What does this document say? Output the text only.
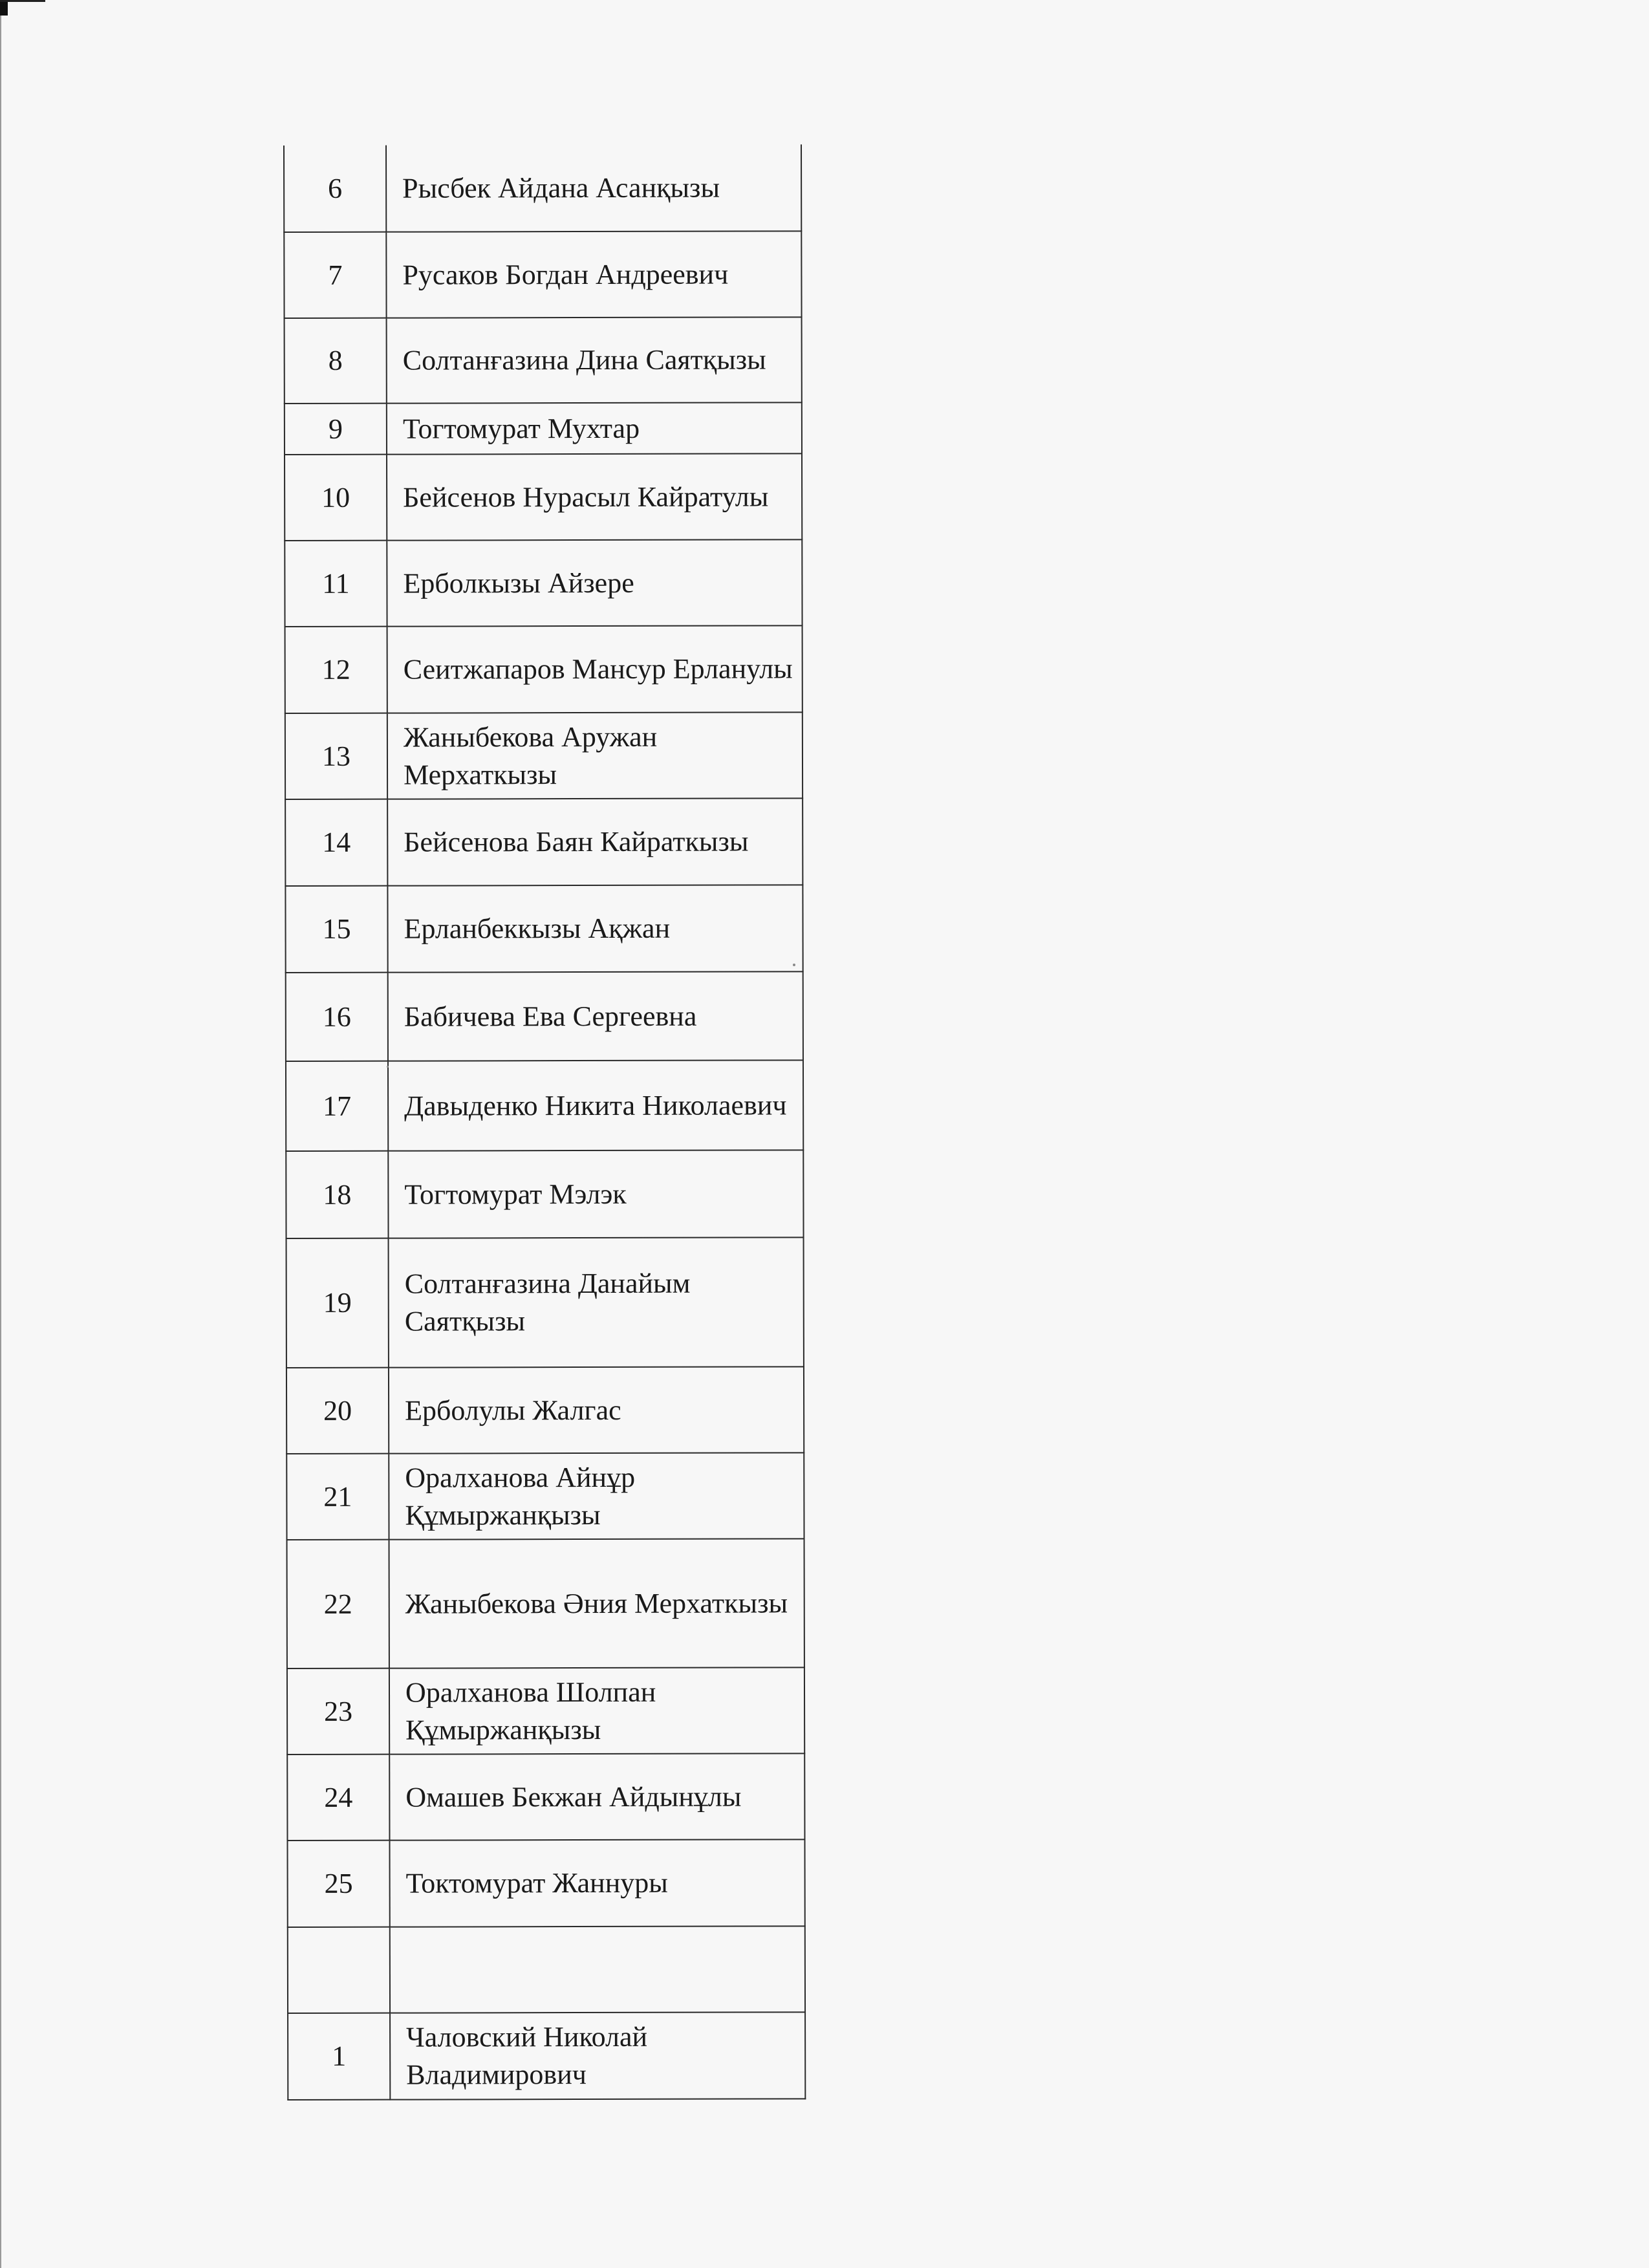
6	Рысбек Айдана Асанқызы
7	Русаков Богдан Андреевич
8	Солтанғазина Дина Саятқызы
9	Тогтомурат Мухтар
10	Бейсенов Нурасыл Кайратулы
11	Ерболкызы Айзере
12	Сеитжапаров Мансур Ерланулы
13	Жаныбекова Аружан Мерхаткызы
14	Бейсенова Баян Кайраткызы
15	Ерланбеккызы Ақжан
16	Бабичева Ева Сергеевна
17	Давыденко Никита Николаевич
18	Тогтомурат Мэлэк
19	Солтанғазина Данайым Саятқызы
20	Ерболулы Жалгас
21	Оралханова Айнұр Құмыржанқызы
22	Жаныбекова Әния Мерхаткызы
23	Оралханова Шолпан Құмыржанқызы
24	Омашев Бекжан Айдынұлы
25	Токтомурат Жаннуры

1	Чаловский Николай Владимирович
